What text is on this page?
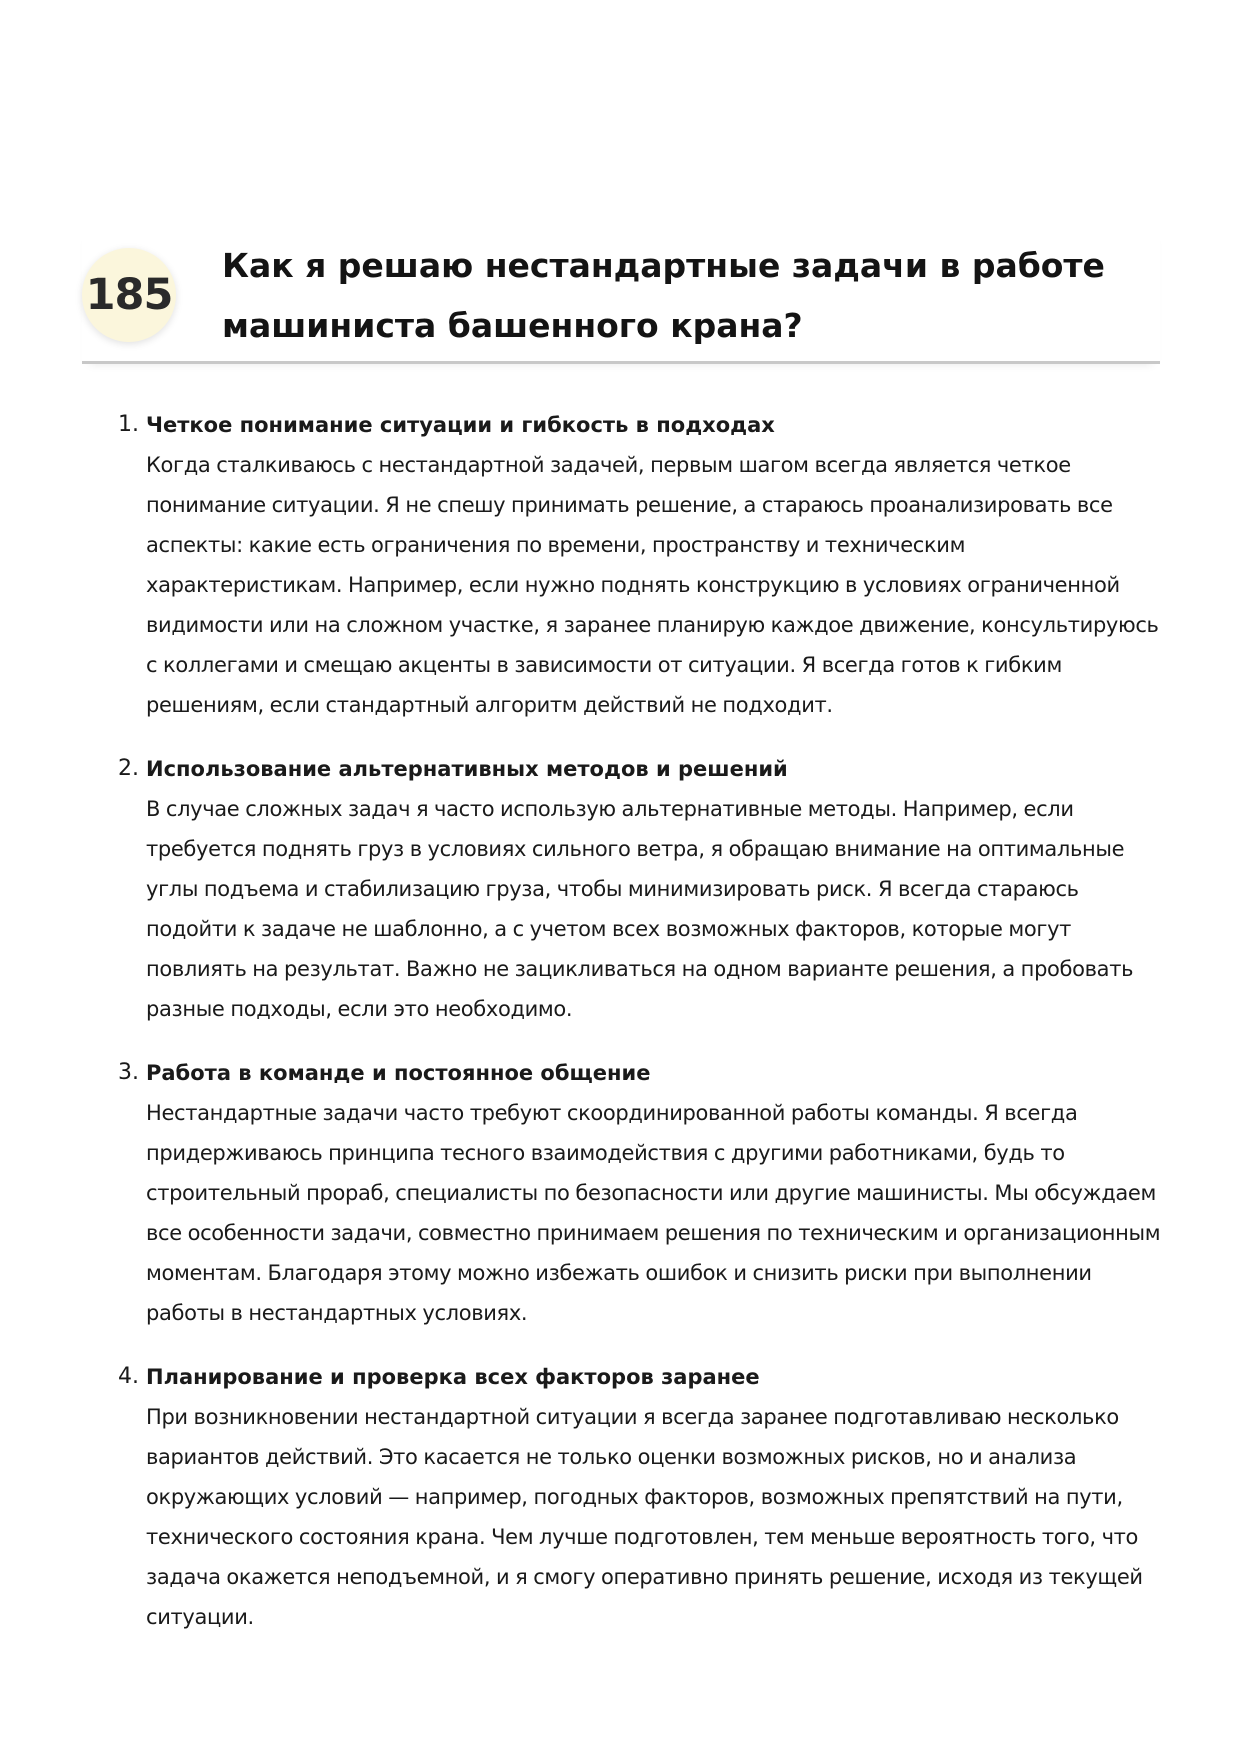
185
Как я решаю нестандартные задачи в работе машиниста башенного крана?
1. Четкое понимание ситуации и гибкость в подходах
Когда сталкиваюсь с нестандартной задачей, первым шагом всегда является четкое понимание ситуации. Я не спешу принимать решение, а стараюсь проанализировать все аспекты: какие есть ограничения по времени, пространству и техническим характеристикам. Например, если нужно поднять конструкцию в условиях ограниченной видимости или на сложном участке, я заранее планирую каждое движение, консультируюсь с коллегами и смещаю акценты в зависимости от ситуации. Я всегда готов к гибким решениям, если стандартный алгоритм действий не подходит.
2. Использование альтернативных методов и решений
В случае сложных задач я часто использую альтернативные методы. Например, если требуется поднять груз в условиях сильного ветра, я обращаю внимание на оптимальные углы подъема и стабилизацию груза, чтобы минимизировать риск. Я всегда стараюсь подойти к задаче не шаблонно, а с учетом всех возможных факторов, которые могут повлиять на результат. Важно не зацикливаться на одном варианте решения, а пробовать разные подходы, если это необходимо.
3. Работа в команде и постоянное общение
Нестандартные задачи часто требуют скоординированной работы команды. Я всегда придерживаюсь принципа тесного взаимодействия с другими работниками, будь то строительный прораб, специалисты по безопасности или другие машинисты. Мы обсуждаем все особенности задачи, совместно принимаем решения по техническим и организационным моментам. Благодаря этому можно избежать ошибок и снизить риски при выполнении работы в нестандартных условиях.
4. Планирование и проверка всех факторов заранее
При возникновении нестандартной ситуации я всегда заранее подготавливаю несколько вариантов действий. Это касается не только оценки возможных рисков, но и анализа окружающих условий — например, погодных факторов, возможных препятствий на пути, технического состояния крана. Чем лучше подготовлен, тем меньше вероятность того, что задача окажется неподъемной, и я смогу оперативно принять решение, исходя из текущей ситуации.
